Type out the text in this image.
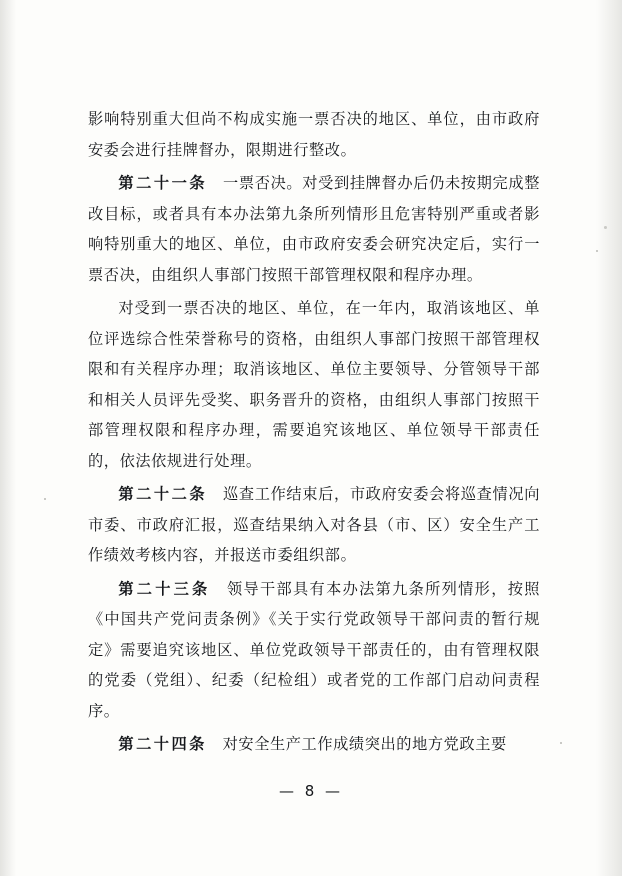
影响特别重大但尚不构成实施一票否决的地区、单位，由市政府安委会进行挂牌督办，限期进行整改。

第二十一条　一票否决。对受到挂牌督办后仍未按期完成整改目标，或者具有本办法第九条所列情形且危害特别严重或者影响特别重大的地区、单位，由市政府安委会研究决定后，实行一票否决，由组织人事部门按照干部管理权限和程序办理。

对受到一票否决的地区、单位，在一年内，取消该地区、单位评选综合性荣誉称号的资格，由组织人事部门按照干部管理权限和有关程序办理；取消该地区、单位主要领导、分管领导干部和相关人员评先受奖、职务晋升的资格，由组织人事部门按照干部管理权限和程序办理，需要追究该地区、单位领导干部责任的，依法依规进行处理。

第二十二条　巡查工作结束后，市政府安委会将巡查情况向市委、市政府汇报，巡查结果纳入对各县（市、区）安全生产工作绩效考核内容，并报送市委组织部。

第二十三条　领导干部具有本办法第九条所列情形，按照《中国共产党问责条例》《关于实行党政领导干部问责的暂行规定》需要追究该地区、单位党政领导干部责任的，由有管理权限的党委（党组）、纪委（纪检组）或者党的工作部门启动问责程序。

第二十四条　对安全生产工作成绩突出的地方党政主要

— 8 —
